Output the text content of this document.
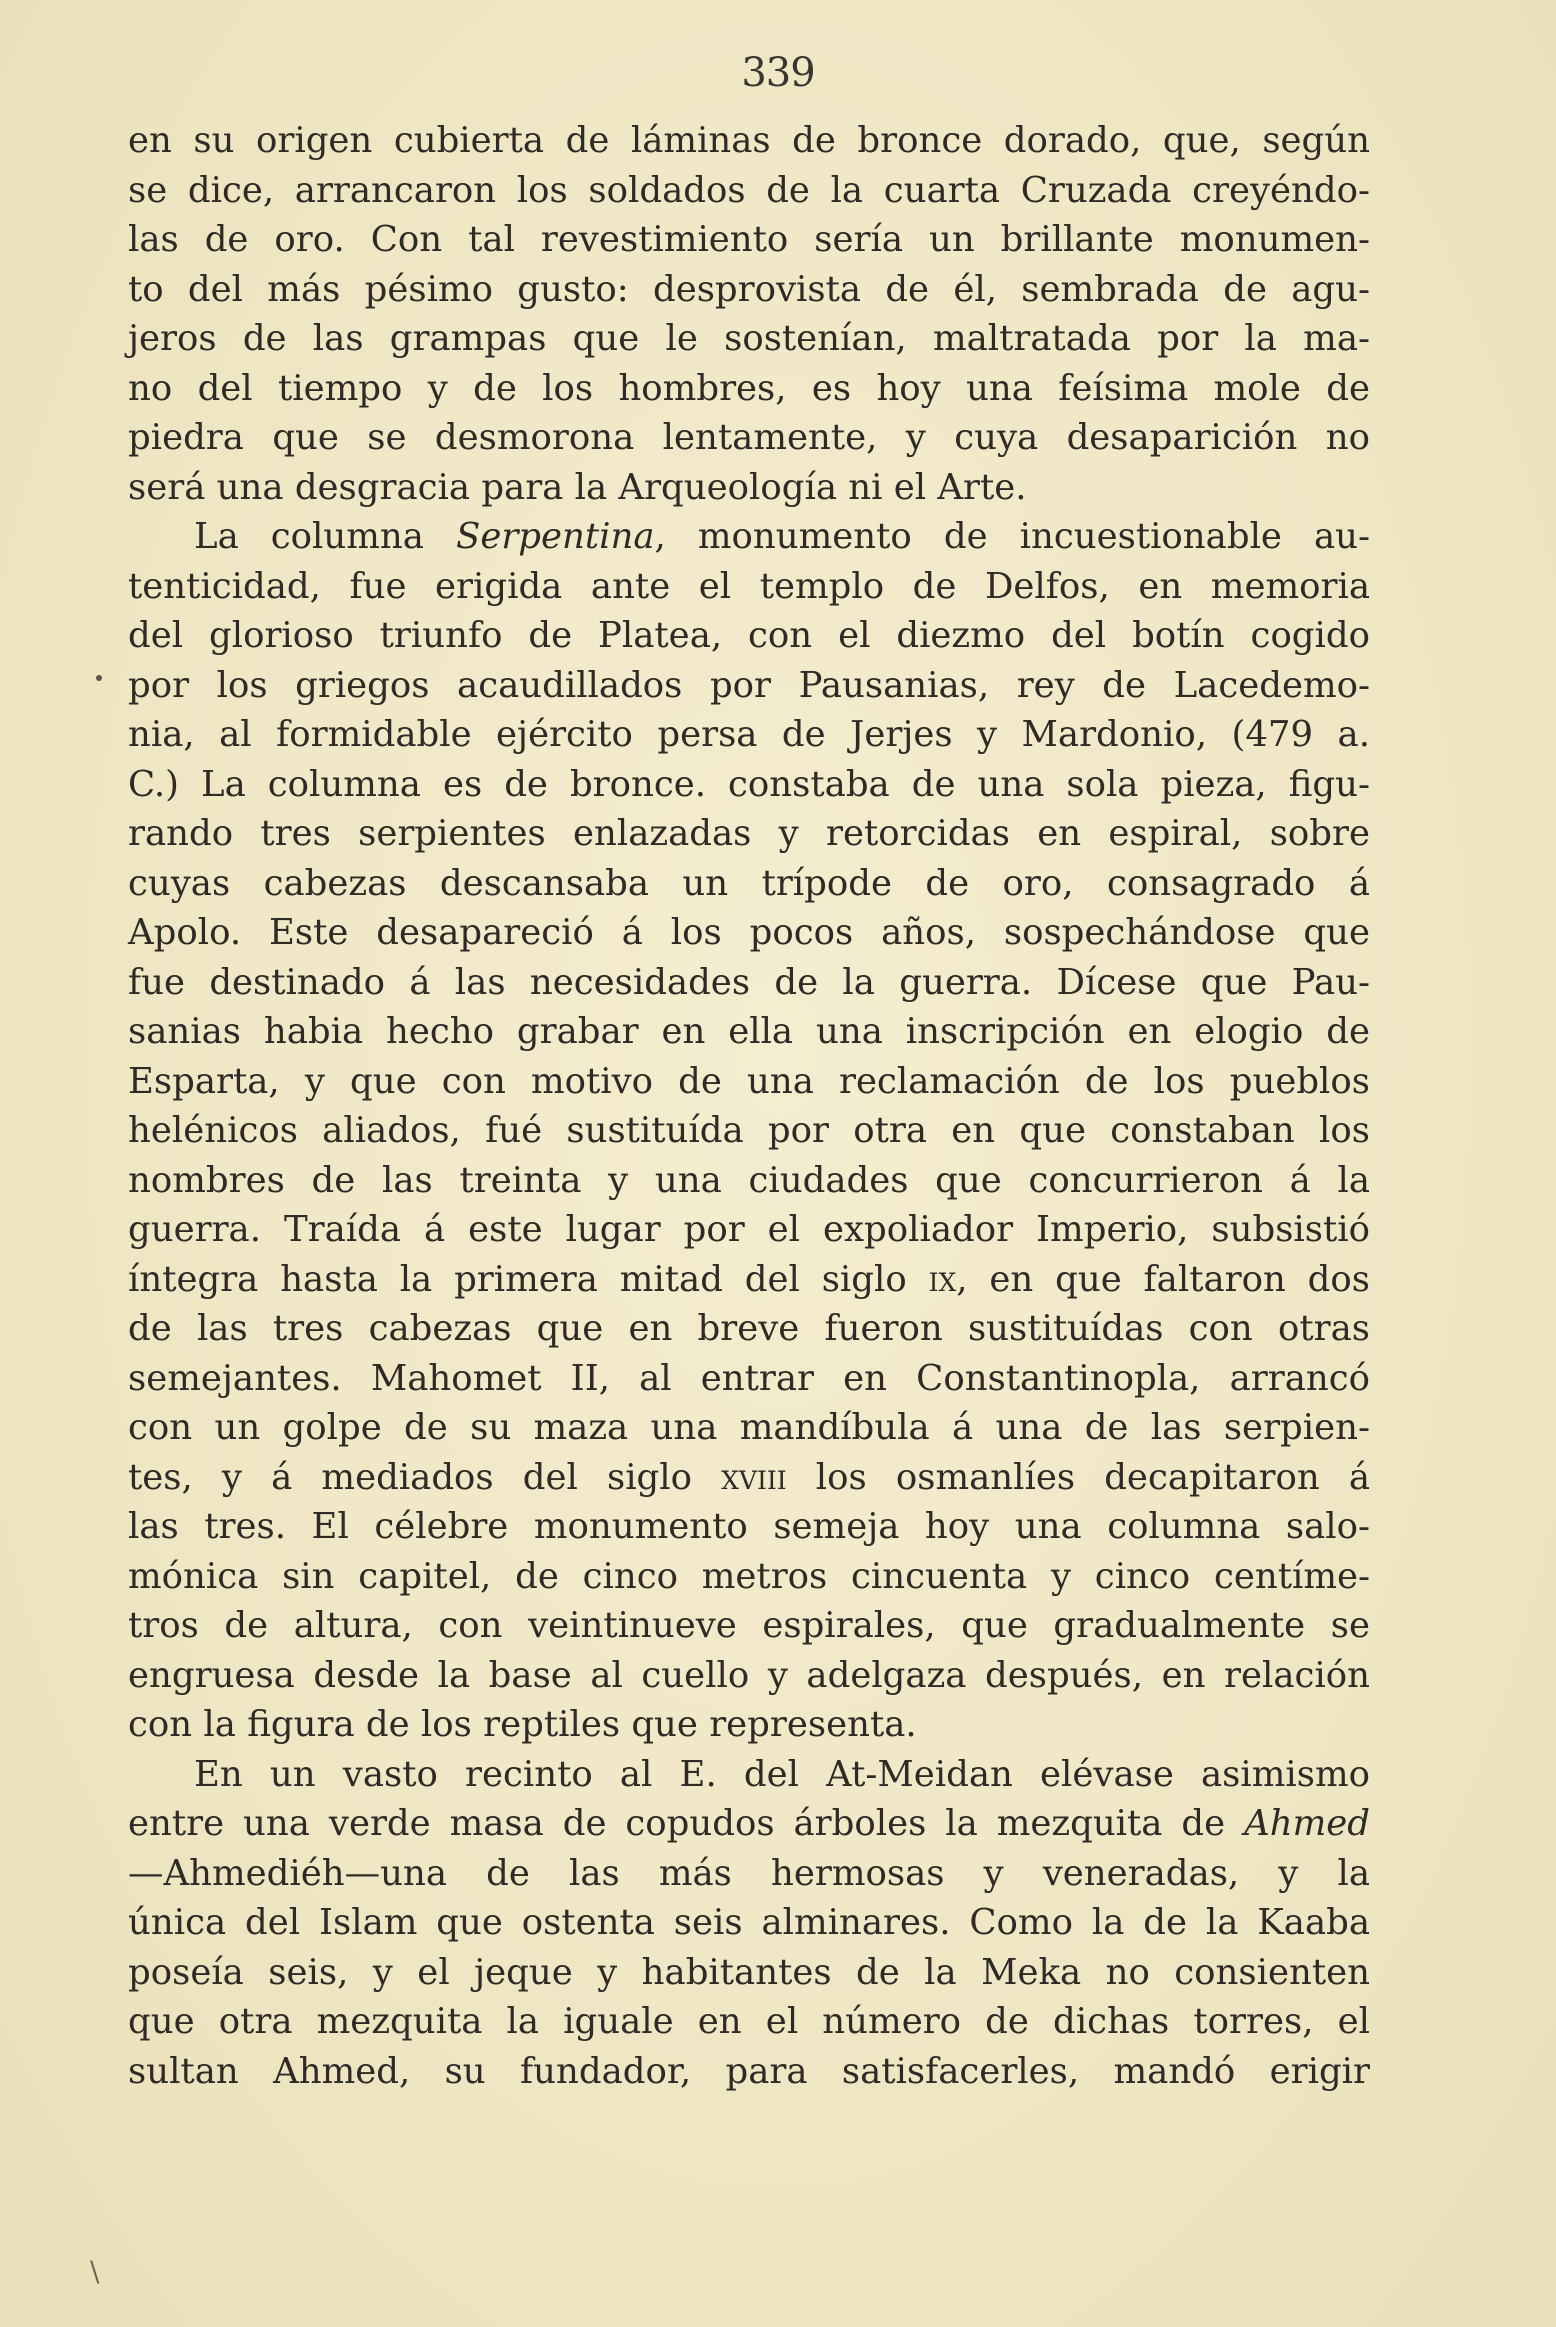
339
en su origen cubierta de láminas de bronce dorado, que, según
se dice, arrancaron los soldados de la cuarta Cruzada creyéndo-
las de oro. Con tal revestimiento sería un brillante monumen-
to del más pésimo gusto: desprovista de él, sembrada de agu-
jeros de las grampas que le sostenían, maltratada por la ma-
no del tiempo y de los hombres, es hoy una feísima mole de
piedra que se desmorona lentamente, y cuya desaparición no
será una desgracia para la Arqueología ni el Arte.
La columna Serpentina, monumento de incuestionable au-
tenticidad, fue erigida ante el templo de Delfos, en memoria
del glorioso triunfo de Platea, con el diezmo del botín cogido
por los griegos acaudillados por Pausanias, rey de Lacedemo-
nia, al formidable ejército persa de Jerjes y Mardonio, (479 a.
C.) La columna es de bronce. constaba de una sola pieza, figu-
rando tres serpientes enlazadas y retorcidas en espiral, sobre
cuyas cabezas descansaba un trípode de oro, consagrado á
Apolo. Este desapareció á los pocos años, sospechándose que
fue destinado á las necesidades de la guerra. Dícese que Pau-
sanias habia hecho grabar en ella una inscripción en elogio de
Esparta, y que con motivo de una reclamación de los pueblos
helénicos aliados, fué sustituída por otra en que constaban los
nombres de las treinta y una ciudades que concurrieron á la
guerra. Traída á este lugar por el expoliador Imperio, subsistió
íntegra hasta la primera mitad del siglo ix, en que faltaron dos
de las tres cabezas que en breve fueron sustituídas con otras
semejantes. Mahomet II, al entrar en Constantinopla, arrancó
con un golpe de su maza una mandíbula á una de las serpien-
tes, y á mediados del siglo xviii los osmanlíes decapitaron á
las tres. El célebre monumento semeja hoy una columna salo-
mónica sin capitel, de cinco metros cincuenta y cinco centíme-
tros de altura, con veintinueve espirales, que gradualmente se
engruesa desde la base al cuello y adelgaza después, en relación
con la figura de los reptiles que representa.
En un vasto recinto al E. del At-Meidan elévase asimismo
entre una verde masa de copudos árboles la mezquita de Ahmed
—Ahmediéh—una de las más hermosas y veneradas, y la
única del Islam que ostenta seis alminares. Como la de la Kaaba
poseía seis, y el jeque y habitantes de la Meka no consienten
que otra mezquita la iguale en el número de dichas torres, el
sultan Ahmed, su fundador, para satisfacerles, mandó erigir
\
